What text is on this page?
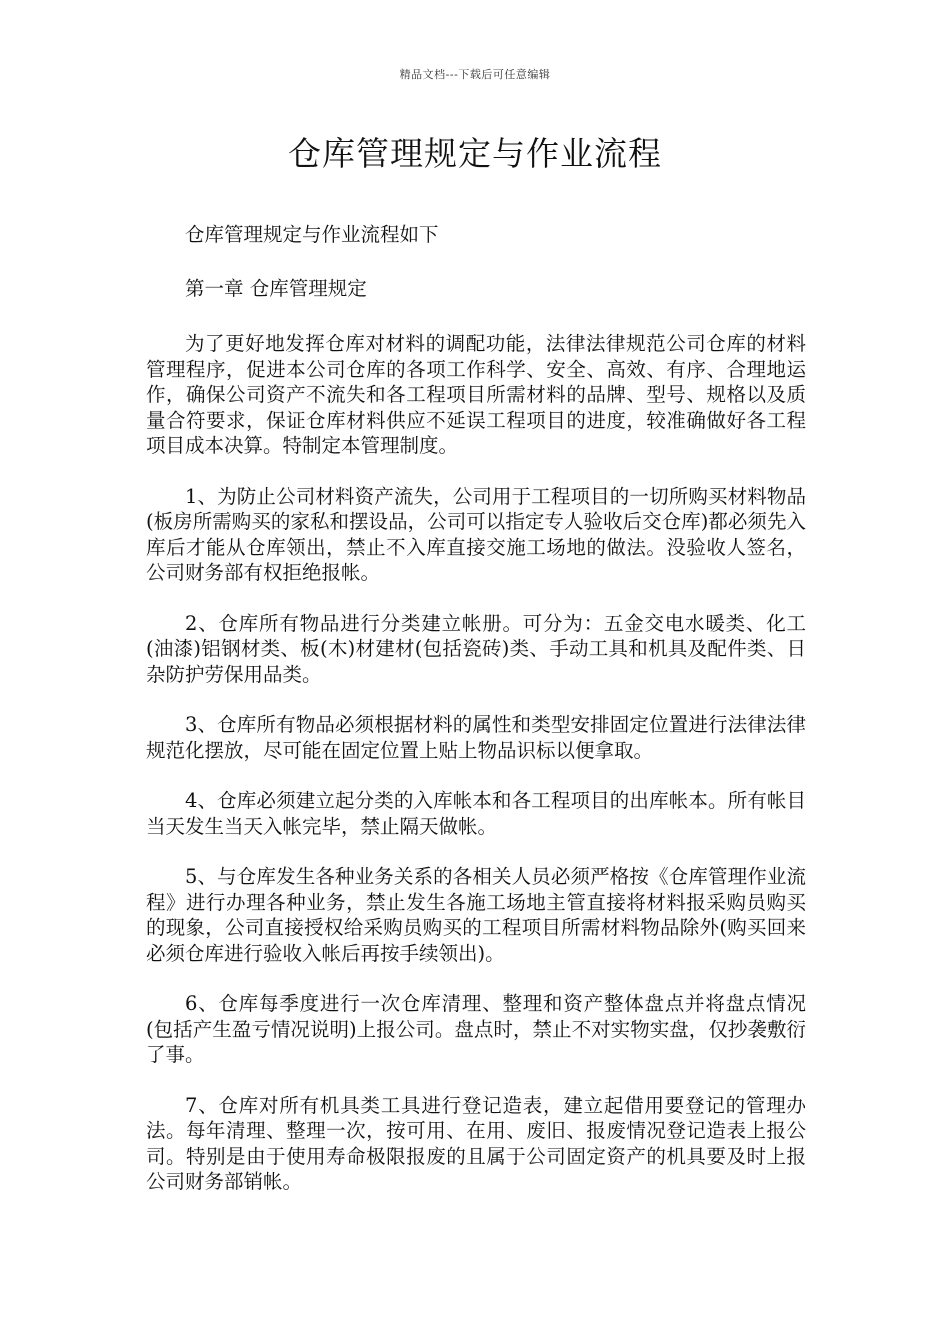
精品文档---下载后可任意编辑
仓库管理规定与作业流程

仓库管理规定与作业流程如下

第一章 仓库管理规定

为了更好地发挥仓库对材料的调配功能，法律法律规范公司仓库的材料管理程序，促进本公司仓库的各项工作科学、安全、高效、有序、合理地运作，确保公司资产不流失和各工程项目所需材料的品牌、型号、规格以及质量合符要求，保证仓库材料供应不延误工程项目的进度，较准确做好各工程项目成本决算。特制定本管理制度。

1、为防止公司材料资产流失，公司用于工程项目的一切所购买材料物品(板房所需购买的家私和摆设品，公司可以指定专人验收后交仓库)都必须先入库后才能从仓库领出，禁止不入库直接交施工场地的做法。没验收人签名，公司财务部有权拒绝报帐。

2、仓库所有物品进行分类建立帐册。可分为：五金交电水暖类、化工(油漆)铝钢材类、板(木)材建材(包括瓷砖)类、手动工具和机具及配件类、日杂防护劳保用品类。

3、仓库所有物品必须根据材料的属性和类型安排固定位置进行法律法律规范化摆放，尽可能在固定位置上贴上物品识标以便拿取。

4、仓库必须建立起分类的入库帐本和各工程项目的出库帐本。所有帐目当天发生当天入帐完毕，禁止隔天做帐。

5、与仓库发生各种业务关系的各相关人员必须严格按《仓库管理作业流程》进行办理各种业务，禁止发生各施工场地主管直接将材料报采购员购买的现象，公司直接授权给采购员购买的工程项目所需材料物品除外(购买回来必须仓库进行验收入帐后再按手续领出)。

6、仓库每季度进行一次仓库清理、整理和资产整体盘点并将盘点情况(包括产生盈亏情况说明)上报公司。盘点时，禁止不对实物实盘，仅抄袭敷衍了事。

7、仓库对所有机具类工具进行登记造表，建立起借用要登记的管理办法。每年清理、整理一次，按可用、在用、废旧、报废情况登记造表上报公司。特别是由于使用寿命极限报废的且属于公司固定资产的机具要及时上报公司财务部销帐。
